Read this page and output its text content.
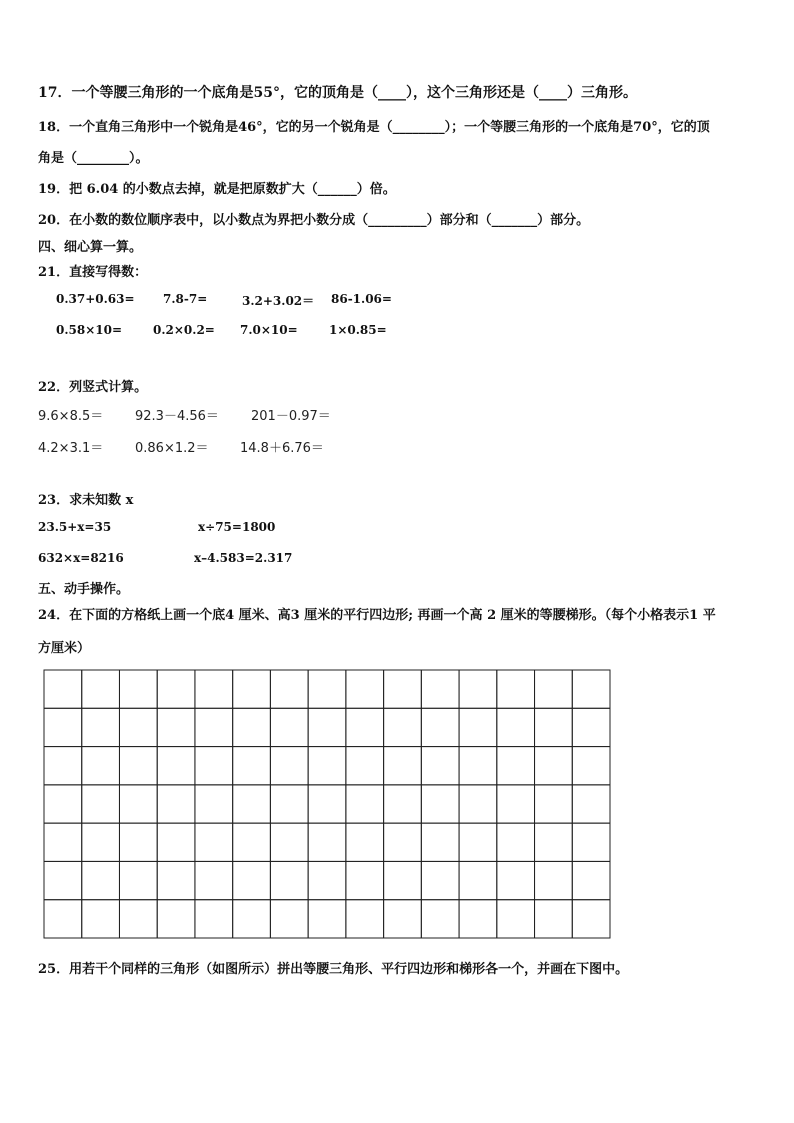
17．一个等腰三角形的一个底角是55°，它的顶角是（____），这个三角形还是（____）三角形。
18．一个直角三角形中一个锐角是46°，它的另一个锐角是（________）；一个等腰三角形的一个底角是70°，它的顶
角是（________）。
19．把 6.04 的小数点去掉，就是把原数扩大（______）倍。
20．在小数的数位顺序表中，以小数点为界把小数分成（_________）部分和（_______）部分。
四、细心算一算。
21．直接写得数：
0.37+0.63= 7.8-7=	3.2+3.02＝ 86-1.06=
0.58×10=	0.2×0.2= 7.0×10=	1×0.85=
22．列竖式计算。
9.6×8.5＝ 92.3－4.56＝ 201－0.97＝
4.2×3.1＝ 0.86×1.2＝ 14.8＋6.76＝
23．求未知数 x
23.5+x=35	x÷75=1800
632×x=8216	x–4.583=2.317
五、动手操作。
24．在下面的方格纸上画一个底4 厘米、高3 厘米的平行四边形; 再画一个高 2 厘米的等腰梯形。（每个小格表示1 平
方厘米）
25．用若干个同样的三角形（如图所示）拼出等腰三角形、平行四边形和梯形各一个，并画在下图中。
